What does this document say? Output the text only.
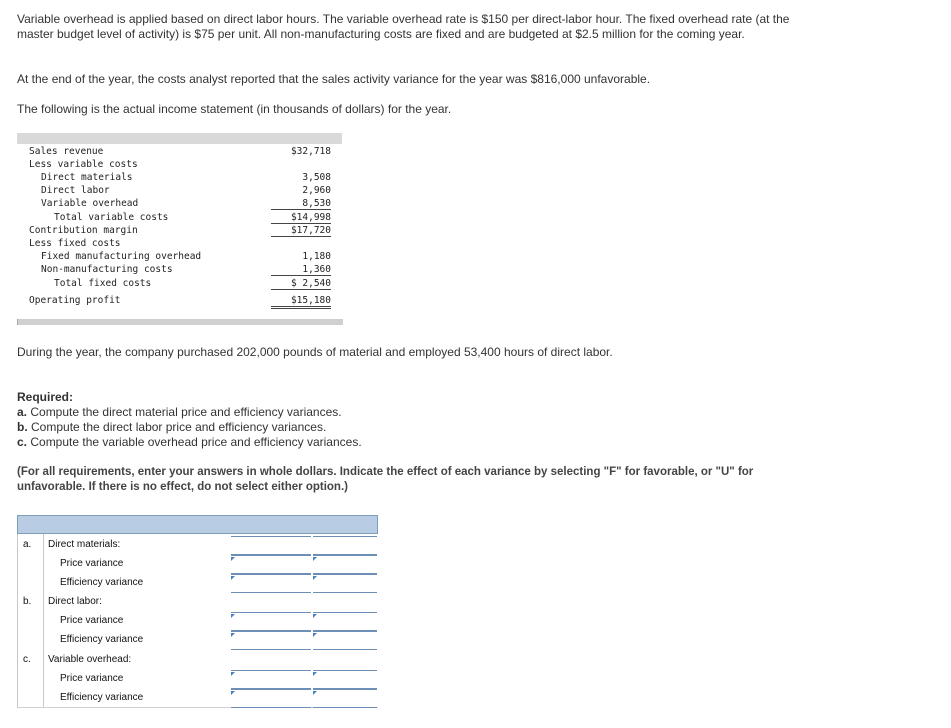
Variable overhead is applied based on direct labor hours. The variable overhead rate is $150 per direct-labor hour. The fixed overhead rate (at the master budget level of activity) is $75 per unit. All non-manufacturing costs are fixed and are budgeted at $2.5 million for the coming year.
At the end of the year, the costs analyst reported that the sales activity variance for the year was $816,000 unfavorable.
The following is the actual income statement (in thousands of dollars) for the year.
Sales revenue	$32,718
Less variable costs
Direct materials	3,508
Direct labor	2,960
Variable overhead	8,530
Total variable costs	$14,998
Contribution margin	$17,720
Less fixed costs
Fixed manufacturing overhead	1,180
Non-manufacturing costs	1,360
Total fixed costs	$ 2,540
Operating profit	$15,180
During the year, the company purchased 202,000 pounds of material and employed 53,400 hours of direct labor.
Required:
a. Compute the direct material price and efficiency variances.
b. Compute the direct labor price and efficiency variances.
c. Compute the variable overhead price and efficiency variances.
(For all requirements, enter your answers in whole dollars. Indicate the effect of each variance by selecting "F" for favorable, or "U" for unfavorable. If there is no effect, do not select either option.)
a. Direct materials:
Price variance
Efficiency variance
b. Direct labor:
Price variance
Efficiency variance
c. Variable overhead:
Price variance
Efficiency variance
